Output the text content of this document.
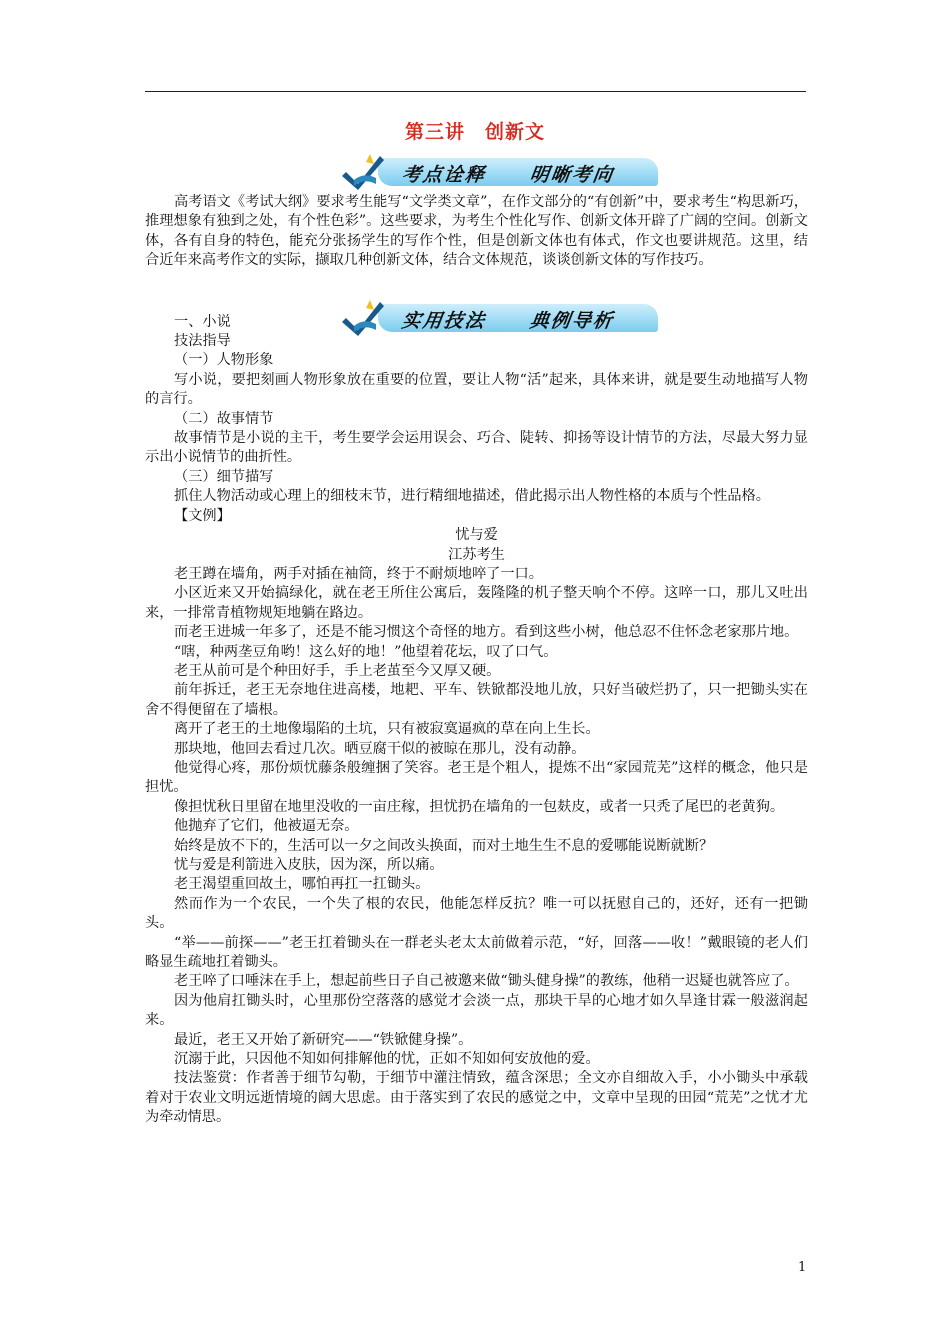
第三讲　创新文
考点诠释 明晰考向

高考语文《考试大纲》要求考生能写“文学类文章”，在作文部分的“有创新”中，要求考生“构思新巧，推理想象有独到之处，有个性色彩”。这些要求，为考生个性化写作、创新文体开辟了广阔的空间。创新文体，各有自身的特色，能充分张扬学生的写作个性，但是创新文体也有体式，作文也要讲规范。这里，结合近年来高考作文的实际，撷取几种创新文体，结合文体规范，谈谈创新文体的写作技巧。

一、小说

技法指导

（一）人物形象

写小说，要把刻画人物形象放在重要的位置，要让人物“活”起来，具体来讲，就是要生动地描写人物的言行。

（二）故事情节

故事情节是小说的主干，考生要学会运用误会、巧合、陡转、抑扬等设计情节的方法，尽最大努力显示出小说情节的曲折性。

（三）细节描写

抓住人物活动或心理上的细枝末节，进行精细地描述，借此揭示出人物性格的本质与个性品格。

【文例】

忧与爱

江苏考生

老王蹲在墙角，两手对插在袖筒，终于不耐烦地啐了一口。

小区近来又开始搞绿化，就在老王所住公寓后，轰隆隆的机子整天响个不停。这啐一口，那儿又吐出来，一排常青植物规矩地躺在路边。

而老王进城一年多了，还是不能习惯这个奇怪的地方。看到这些小树，他总忍不住怀念老家那片地。

“嗐，种两垄豆角哟！这么好的地！”他望着花坛，叹了口气。

老王从前可是个种田好手，手上老茧至今又厚又硬。

前年拆迁，老王无奈地住进高楼，地耙、平车、铁锨都没地儿放，只好当破烂扔了，只一把锄头实在舍不得便留在了墙根。

离开了老王的土地像塌陷的土坑，只有被寂寞逼疯的草在向上生长。

那块地，他回去看过几次。晒豆腐干似的被晾在那儿，没有动静。

他觉得心疼，那份烦忧藤条般缠捆了笑容。老王是个粗人，提炼不出“家园荒芜”这样的概念，他只是担忧。

像担忧秋日里留在地里没收的一亩庄稼，担忧扔在墙角的一包麸皮，或者一只秃了尾巴的老黄狗。

他抛弃了它们，他被逼无奈。

始终是放不下的，生活可以一夕之间改头换面，而对土地生生不息的爱哪能说断就断？

忧与爱是利箭进入皮肤，因为深，所以痛。

老王渴望重回故土，哪怕再扛一扛锄头。

然而作为一个农民，一个失了根的农民，他能怎样反抗？唯一可以抚慰自己的，还好，还有一把锄头。

“举——前探——”老王扛着锄头在一群老头老太太前做着示范，“好，回落——收！”戴眼镜的老人们略显生疏地扛着锄头。

老王啐了口唾沫在手上，想起前些日子自己被邀来做“锄头健身操”的教练，他稍一迟疑也就答应了。

因为他肩扛锄头时，心里那份空落落的感觉才会淡一点，那块干旱的心地才如久旱逢甘霖一般滋润起来。

最近，老王又开始了新研究——“铁锨健身操”。

沉溺于此，只因他不知如何排解他的忧，正如不知如何安放他的爱。

技法鉴赏：作者善于细节勾勒，于细节中灌注情致，蕴含深思；全文亦自细故入手，小小锄头中承载着对于农业文明远逝情境的阔大思虑。由于落实到了农民的感觉之中，文章中呈现的田园“荒芜”之忧才尤为牵动情思。

实用技法 典例导析
1
